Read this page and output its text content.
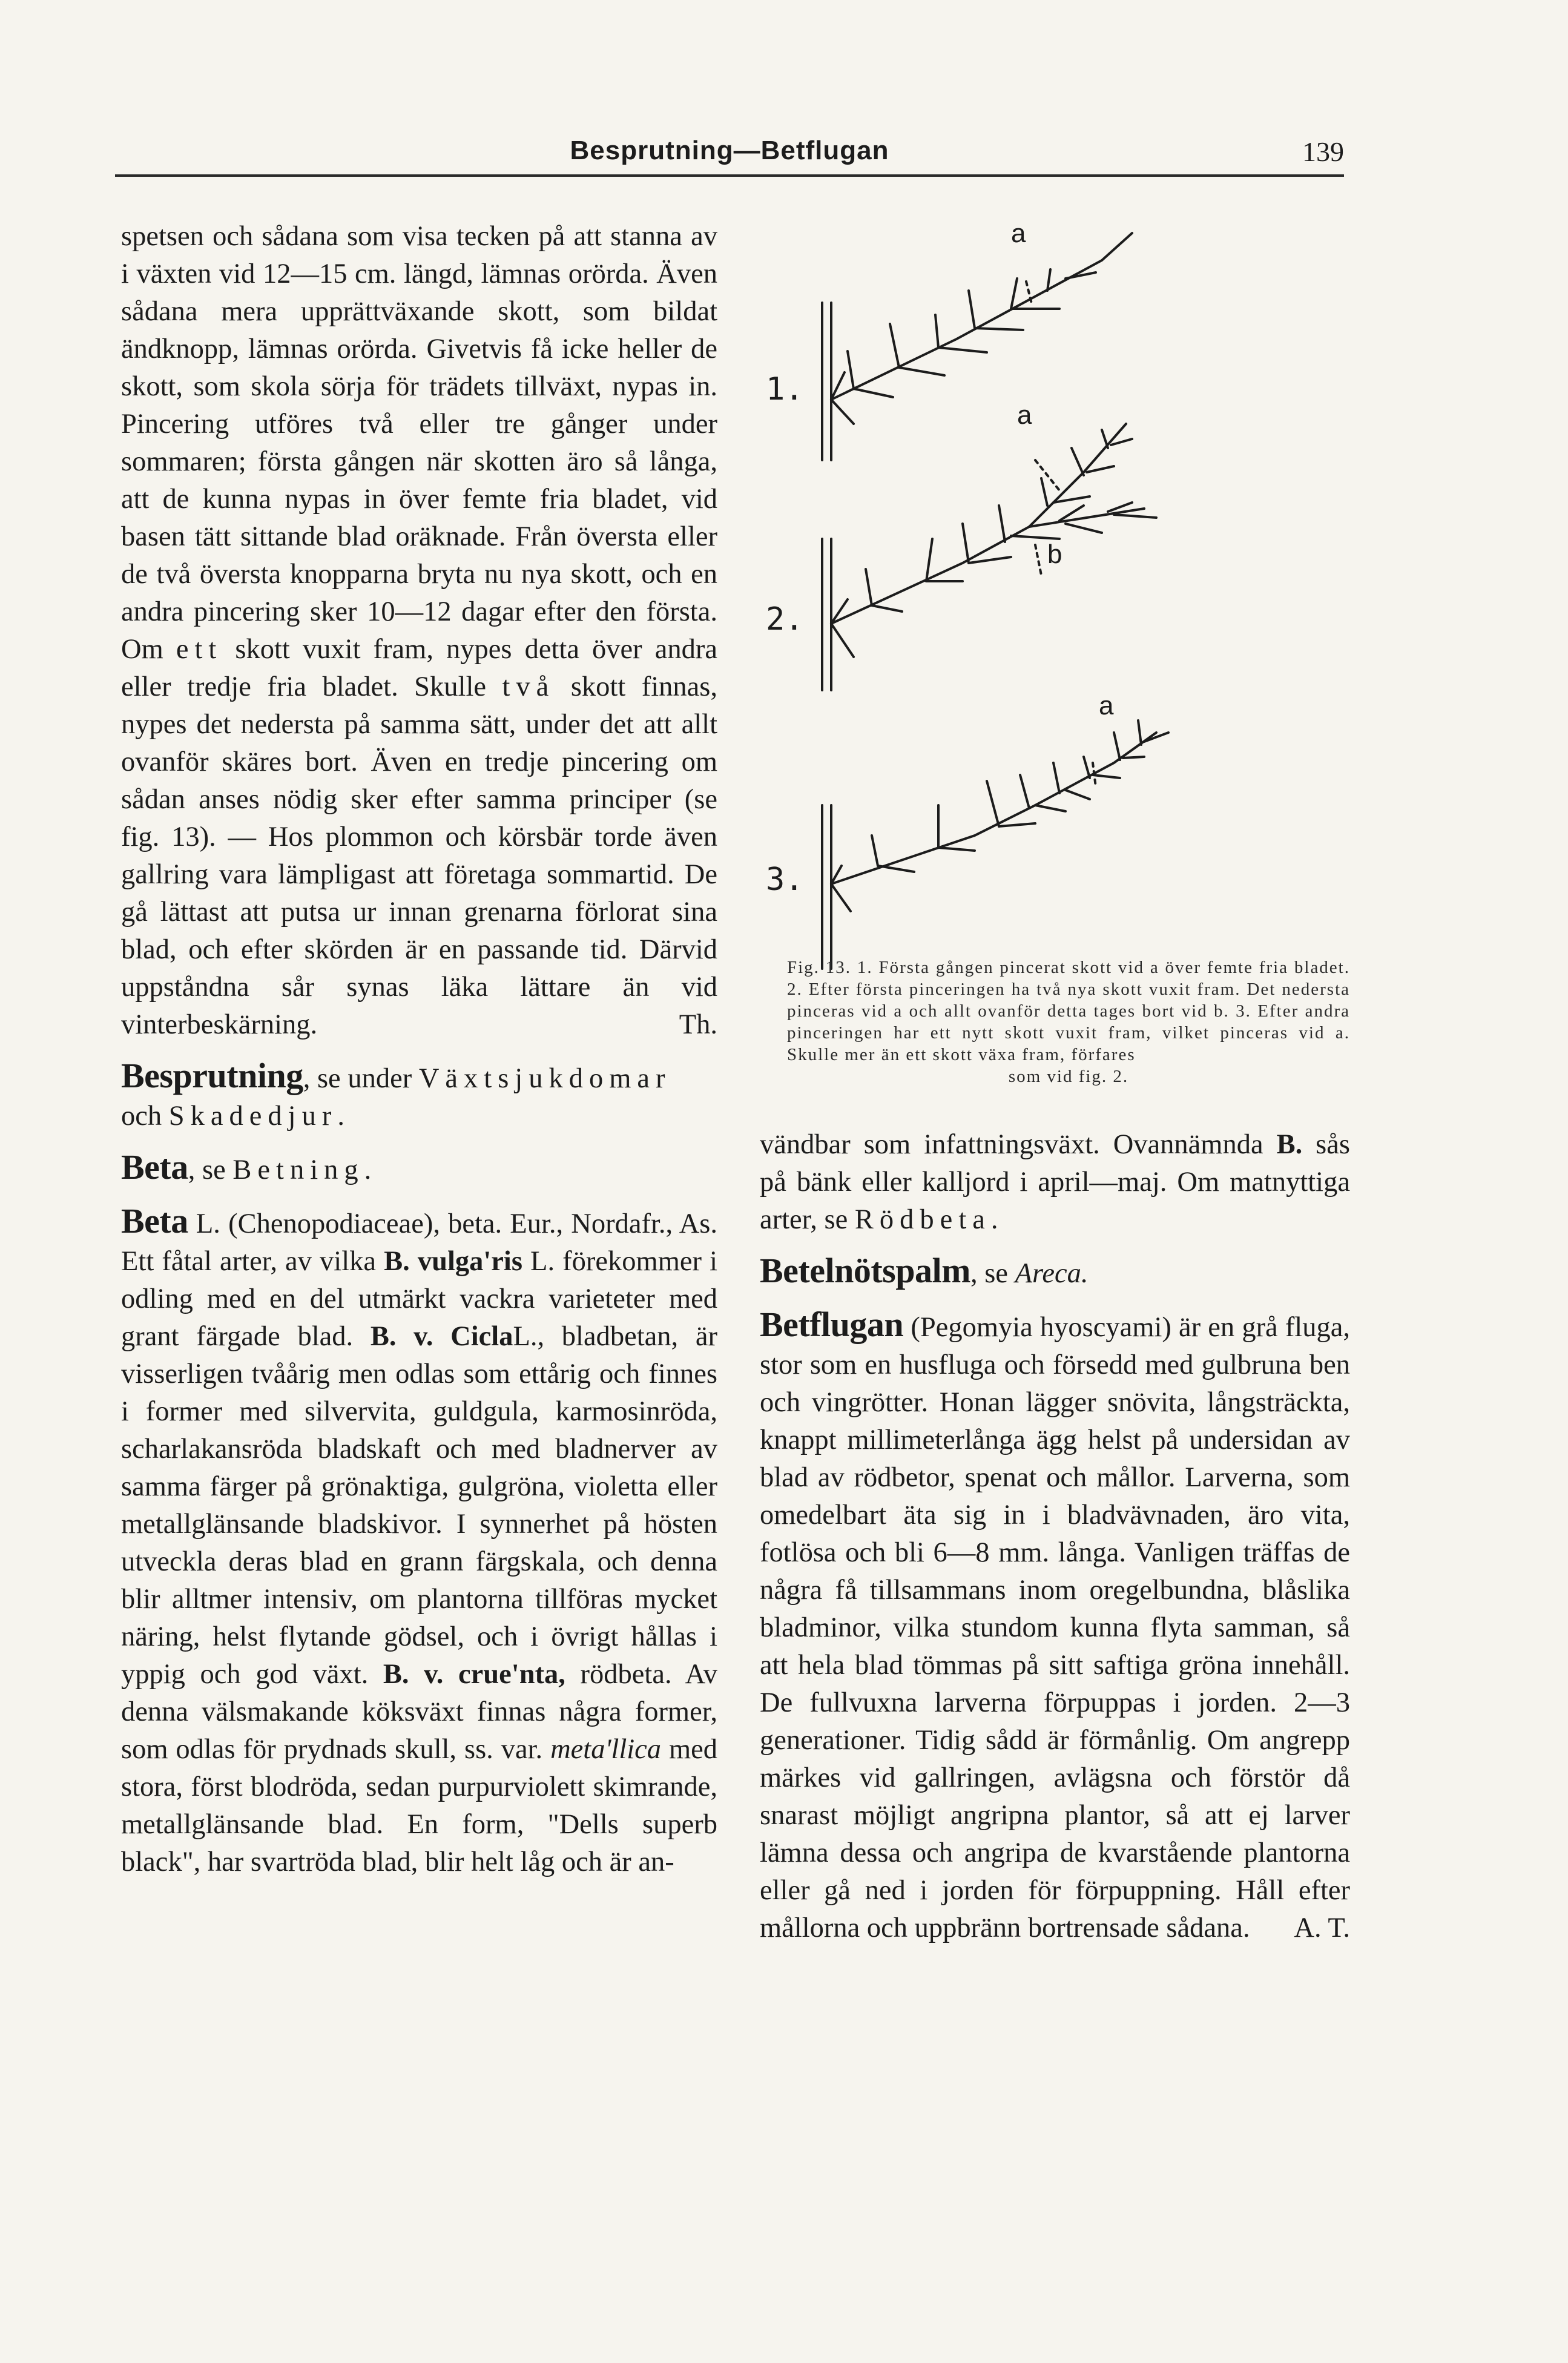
Besprutning—Betflugan	139

spetsen och sådana som visa tecken på att stanna av i växten vid 12—15 cm. längd, lämnas orörda. Även sådana mera upprättväxande skott, som bildat ändknopp, lämnas orörda. Givetvis få icke heller de skott, som skola sörja för trädets tillväxt, nypas in. Pincering utföres två eller tre gånger under sommaren; första gången när skotten äro så långa, att de kunna nypas in över femte fria bladet, vid basen tätt sittande blad oräknade. Från översta eller de två översta knopparna bryta nu nya skott, och en andra pincering sker 10—12 dagar efter den första. Om ett skott vuxit fram, nypes detta över andra eller tredje fria bladet. Skulle två skott finnas, nypes det nedersta på samma sätt, under det att allt ovanför skäres bort. Även en tredje pincering om sådan anses nödig sker efter samma principer (se fig. 13). — Hos plommon och körsbär torde även gallring vara lämpligast att företaga sommartid. De gå lättast att putsa ur innan grenarna förlorat sina blad, och efter skörden är en passande tid. Därvid uppståndna sår synas läka lättare än vid vinterbeskärning.	Th.

Besprutning, se under Växtsjukdomar och Skadedjur.

Beta, se Betning.

Beta L. (Chenopodiaceae), beta. Eur., Nordafr., As. Ett fåtal arter, av vilka B. vulga'ris L. förekommer i odling med en del utmärkt vackra varieteter med grant färgade blad. B. v. CiclaL., bladbetan, är visserligen tvåårig men odlas som ettårig och finnes i former med silvervita, guldgula, karmosinröda, scharlakansröda bladskaft och med bladnerver av samma färger på grönaktiga, gulgröna, violetta eller metallglänsande bladskivor. I synnerhet på hösten utveckla deras blad en grann färgskala, och denna blir alltmer intensiv, om plantorna tillföras mycket näring, helst flytande gödsel, och i övrigt hållas i yppig och god växt. B. v. crue'nta, rödbeta. Av denna välsmakande köksväxt finnas några former, som odlas för prydnads skull, ss. var. meta'llica med stora, först blodröda, sedan purpurviolett skimrande, metallglänsande blad. En form, "Dells superb black", har svartröda blad, blir helt låg och är an-

1.
2.
3.
a
a
b
a
Fig. 13. 1. Första gången pincerat skott vid a över femte fria bladet. 2. Efter första pinceringen ha två nya skott vuxit fram. Det nedersta pinceras vid a och allt ovanför detta tages bort vid b. 3. Efter andra pinceringen har ett nytt skott vuxit fram, vilket pinceras vid a. Skulle mer än ett skott växa fram, förfares
som vid fig. 2.

vändbar som infattningsväxt. Ovannämnda B. sås på bänk eller kalljord i april—maj. Om matnyttiga arter, se Rödbeta.

Betelnötspalm, se Areca.

Betflugan (Pegomyia hyoscyami) är en grå fluga, stor som en husfluga och försedd med gulbruna ben och vingrötter. Honan lägger snövita, långsträckta, knappt millimeterlånga ägg helst på undersidan av blad av rödbetor, spenat och mållor. Larverna, som omedelbart äta sig in i bladvävnaden, äro vita, fotlösa och bli 6—8 mm. långa. Vanligen träffas de några få tillsammans inom oregelbundna, blåslika bladminor, vilka stundom kunna flyta samman, så att hela blad tömmas på sitt saftiga gröna innehåll. De fullvuxna larverna förpuppas i jorden. 2—3 generationer. Tidig sådd är förmånlig. Om angrepp märkes vid gallringen, avlägsna och förstör då snarast möjligt angripna plantor, så att ej larver lämna dessa och angripa de kvarstående plantorna eller gå ned i jorden för förpuppning. Håll efter mållorna och uppbränn bortrensade sådana. A. T.
